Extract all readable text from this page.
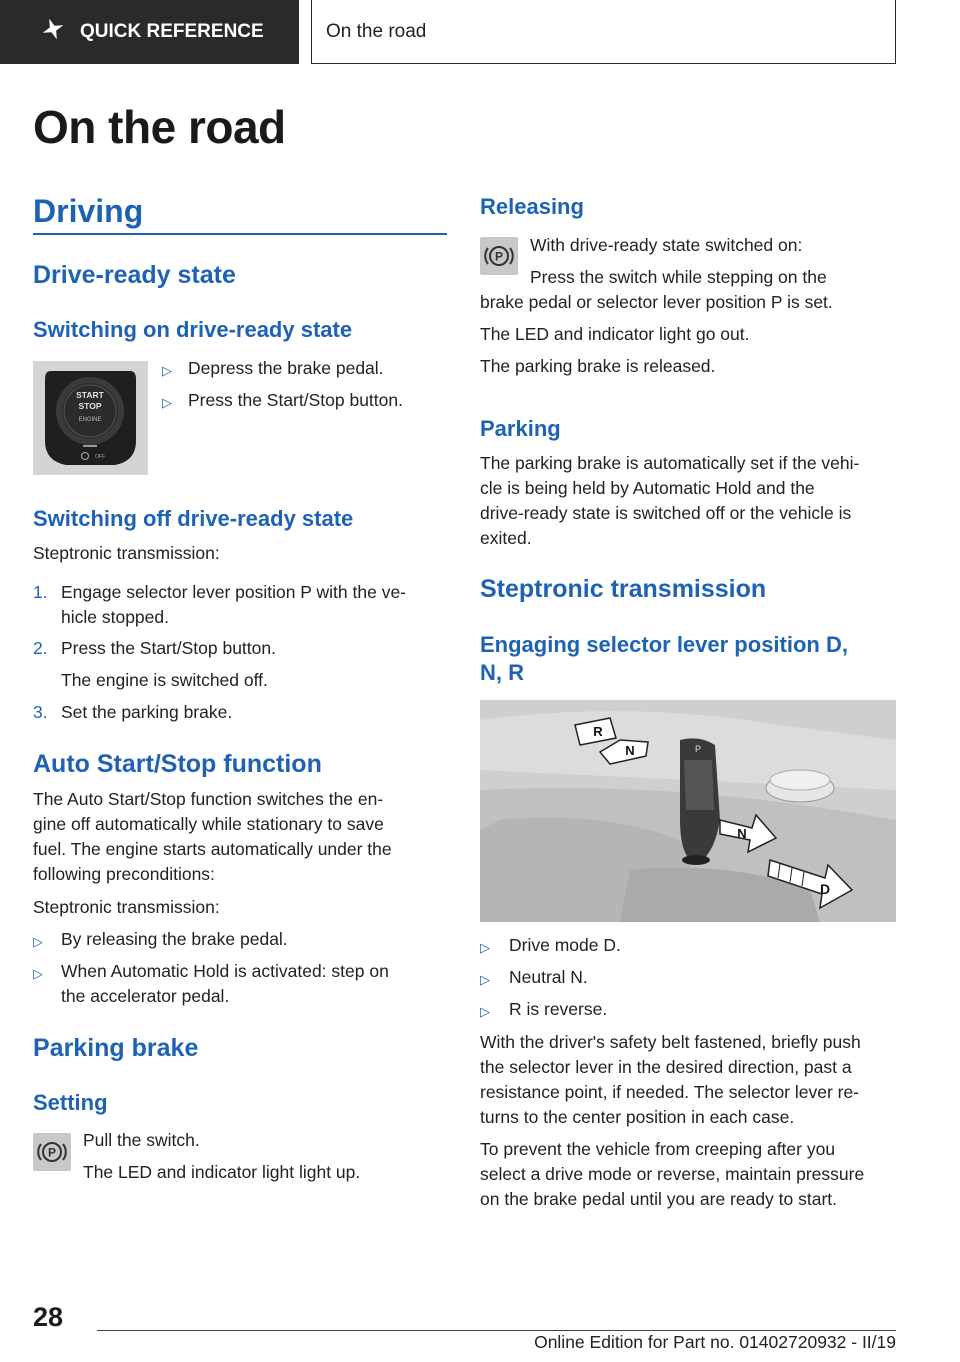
QUICK REFERENCE	On the road
On the road
Driving
Drive-ready state
Switching on drive-ready state
START
STOP
ENGINE
OFF
▷ Depress the brake pedal.
▷ Press the Start/Stop button.
Switching off drive-ready state
Steptronic transmission:
1. Engage selector lever position P with the ve-
hicle stopped.
2. Press the Start/Stop button.
The engine is switched off.
3. Set the parking brake.
Auto Start/Stop function
The Auto Start/Stop function switches the en-
gine off automatically while stationary to save
fuel. The engine starts automatically under the
following preconditions:
Steptronic transmission:
▷ By releasing the brake pedal.
▷ When Automatic Hold is activated: step on
the accelerator pedal.
Parking brake
Setting
P
Pull the switch.
The LED and indicator light light up.
Releasing
P
With drive-ready state switched on:
Press the switch while stepping on the
brake pedal or selector lever position P is set.
The LED and indicator light go out.
The parking brake is released.
Parking
The parking brake is automatically set if the vehi-
cle is being held by Automatic Hold and the
drive-ready state is switched off or the vehicle is
exited.
Steptronic transmission
Engaging selector lever position D,
N, R
P
R
N
N
D
▷ Drive mode D.
▷ Neutral N.
▷ R is reverse.
With the driver's safety belt fastened, briefly push
the selector lever in the desired direction, past a
resistance point, if needed. The selector lever re-
turns to the center position in each case.
To prevent the vehicle from creeping after you
select a drive mode or reverse, maintain pressure
on the brake pedal until you are ready to start.
28
Online Edition for Part no. 01402720932 - II/19
